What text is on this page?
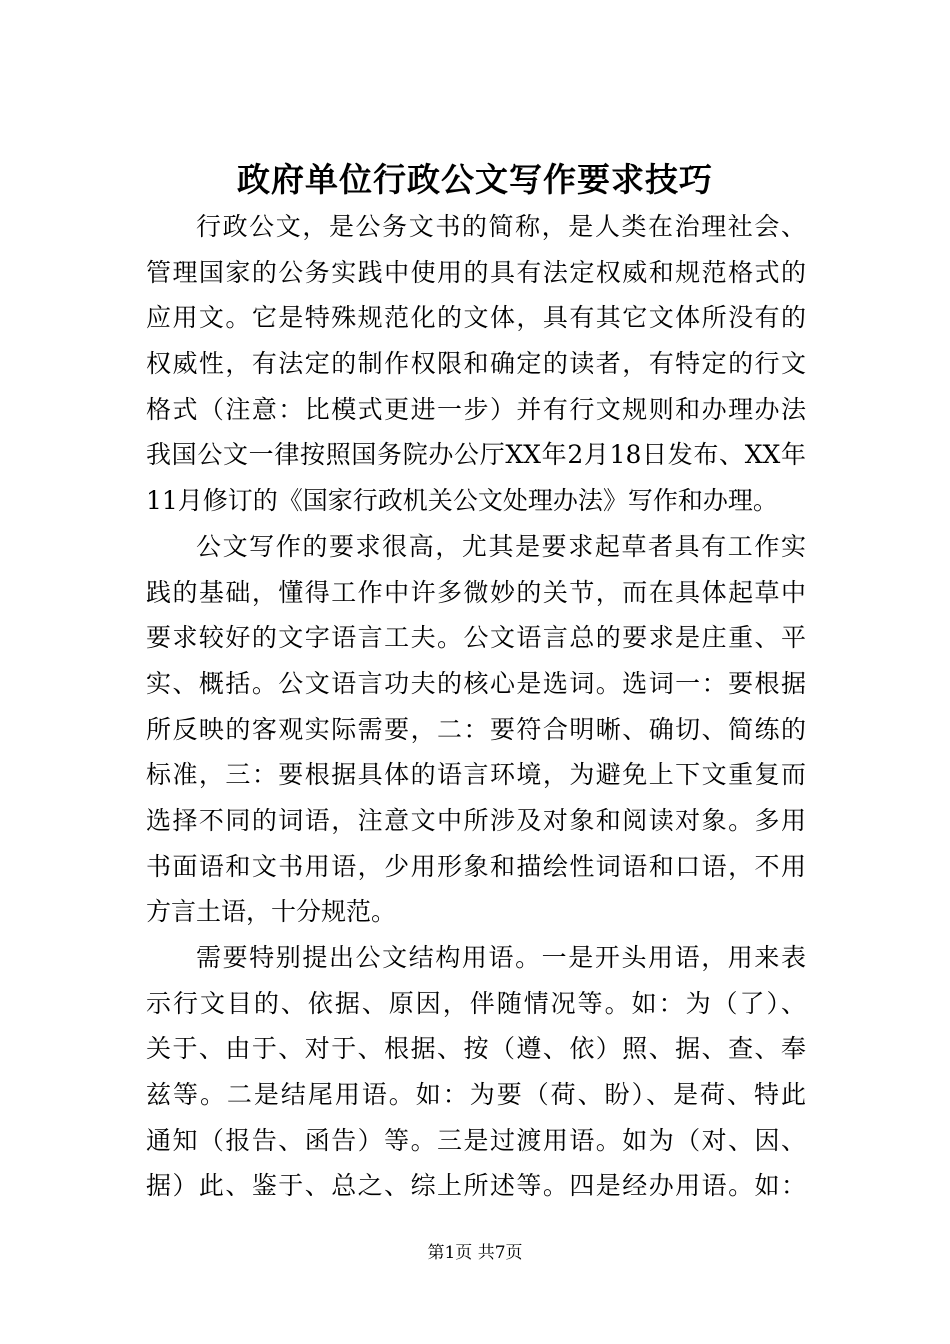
政府单位行政公文写作要求技巧
行政公文，是公务文书的简称，是人类在治理社会、
管理国家的公务实践中使用的具有法定权威和规范格式的
应用文。它是特殊规范化的文体，具有其它文体所没有的
权威性，有法定的制作权限和确定的读者，有特定的行文
格式（注意：比模式更进一步）并有行文规则和办理办法
我国公文一律按照国务院办公厅XX年2月18日发布、XX年
11月修订的《国家行政机关公文处理办法》写作和办理。
公文写作的要求很高，尤其是要求起草者具有工作实
践的基础，懂得工作中许多微妙的关节，而在具体起草中
要求较好的文字语言工夫。公文语言总的要求是庄重、平
实、概括。公文语言功夫的核心是选词。选词一：要根据
所反映的客观实际需要，二：要符合明晰、确切、简练的
标准，三：要根据具体的语言环境，为避免上下文重复而
选择不同的词语，注意文中所涉及对象和阅读对象。多用
书面语和文书用语，少用形象和描绘性词语和口语，不用
方言土语，十分规范。
需要特别提出公文结构用语。一是开头用语，用来表
示行文目的、依据、原因，伴随情况等。如：为（了）、
关于、由于、对于、根据、按（遵、依）照、据、查、奉
兹等。二是结尾用语。如：为要（荷、盼）、是荷、特此
通知（报告、函告）等。三是过渡用语。如为（对、因、
据）此、鉴于、总之、综上所述等。四是经办用语。如：
第1页 共7页
